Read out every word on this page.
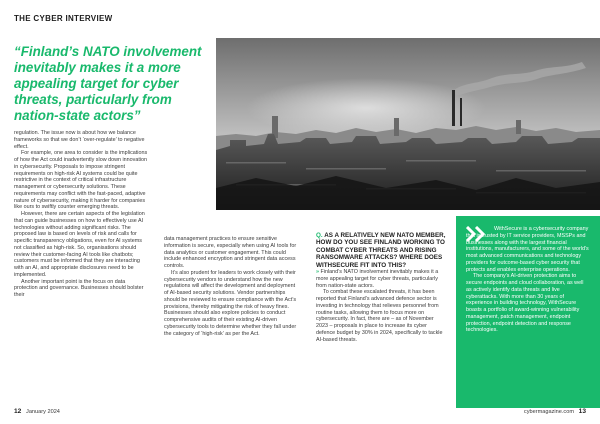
THE CYBER INTERVIEW
“Finland’s NATO involvement inevitably makes it a more appealing target for cyber threats, particularly from nation-state actors”

regulation. The issue now is about how we balance frameworks so that we don’t ‘over-regulate’ to negative effect.

For example, one area to consider is the implications of how the Act could inadvertently slow down innovation in cybersecurity. Proposals to impose stringent requirements on high-risk AI systems could be quite restrictive in the context of critical infrastructure management or cybersecurity solutions. These requirements may conflict with the fast-paced, adaptive nature of cybersecurity, making it harder for companies like ours to swiftly counter emerging threats.

However, there are certain aspects of the legislation that can guide businesses on how to effectively use AI technologies without adding significant risks. The proposed law is based on levels of risk and calls for specific transparency obligations, even for AI systems not classified as high-risk. So, organisations should review their customer-facing AI tools like chatbots; customers must be informed that they are interacting with an AI, and appropriate disclosures need to be implemented.

Another important point is the focus on data protection and governance. Businesses should bolster their

data management practices to ensure sensitive information is secure, especially when using AI tools for data analytics or customer engagement. This could include enhanced encryption and stringent data access controls.

It’s also prudent for leaders to work closely with their cybersecurity vendors to understand how the new regulations will affect the development and deployment of AI-based security solutions. Vendor partnerships should be reviewed to ensure compliance with the Act’s provisions, thereby mitigating the risk of heavy fines. Businesses should also explore policies to conduct comprehensive audits of their existing AI-driven cybersecurity tools to determine whether they fall under the category of ‘high-risk’ as per the Act.

Q. AS A RELATIVELY NEW NATO MEMBER, HOW DO YOU SEE FINLAND WORKING TO COMBAT CYBER THREATS AND RISING RANSOMWARE ATTACKS? WHERE DOES WITHSECURE FIT INTO THIS?

» Finland’s NATO involvement inevitably makes it a more appealing target for cyber threats, particularly from nation-state actors.

To combat these escalated threats, it has been reported that Finland’s advanced defence sector is investing in technology that relieves personnel from routine tasks, allowing them to focus more on cybersecurity. In fact, there are – as of November 2023 – proposals in place to increase its cyber defence budget by 30% in 2024, specifically to tackle AI-based threats.

WithSecure is a cybersecurity company that is trusted by IT service providers, MSSPs and businesses along with the largest financial institutions, manufacturers, and some of the world’s most advanced communications and technology providers for outcome-based cyber security that protects and enables enterprise operations.

The company’s AI-driven protection aims to secure endpoints and cloud collaboration, as well as actively identify data threats and live cyberattacks. With more than 30 years of experience in building technology, WithSecure boasts a portfolio of award-winning vulnerability management, patch management, endpoint protection, endpoint detection and response technologies.

12 January 2024	cybermagazine.com 13
